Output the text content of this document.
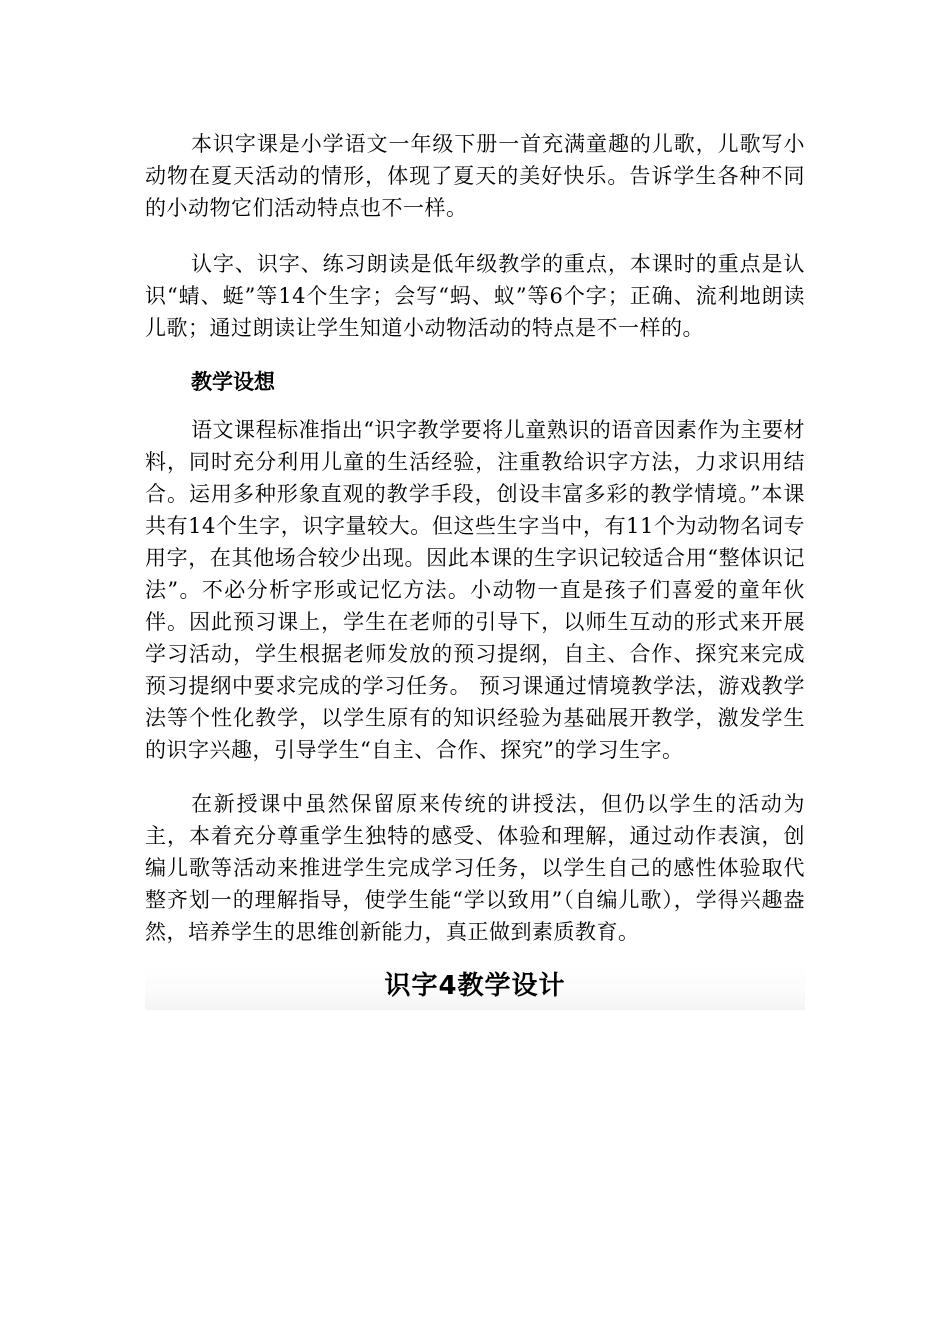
本识字课是小学语文一年级下册一首充满童趣的儿歌，儿歌写小动物在夏天活动的情形，体现了夏天的美好快乐。告诉学生各种不同的小动物它们活动特点也不一样。

认字、识字、练习朗读是低年级教学的重点，本课时的重点是认识“蜻、蜓”等14个生字；会写“蚂、蚁”等6个字；正确、流利地朗读儿歌；通过朗读让学生知道小动物活动的特点是不一样的。

教学设想

语文课程标准指出“识字教学要将儿童熟识的语音因素作为主要材料，同时充分利用儿童的生活经验，注重教给识字方法，力求识用结合。运用多种形象直观的教学手段，创设丰富多彩的教学情境。”本课共有14个生字，识字量较大。但这些生字当中，有11个为动物名词专用字，在其他场合较少出现。因此本课的生字识记较适合用“整体识记法”。不必分析字形或记忆方法。小动物一直是孩子们喜爱的童年伙伴。因此预习课上，学生在老师的引导下，以师生互动的形式来开展学习活动，学生根据老师发放的预习提纲，自主、合作、探究来完成预习提纲中要求完成的学习任务。 预习课通过情境教学法，游戏教学法等个性化教学，以学生原有的知识经验为基础展开教学，激发学生的识字兴趣，引导学生“自主、合作、探究”的学习生字。

在新授课中虽然保留原来传统的讲授法，但仍以学生的活动为主，本着充分尊重学生独特的感受、体验和理解，通过动作表演，创编儿歌等活动来推进学生完成学习任务，以学生自己的感性体验取代整齐划一的理解指导，使学生能“学以致用”（自编儿歌），学得兴趣盎然，培养学生的思维创新能力，真正做到素质教育。

识字4教学设计
